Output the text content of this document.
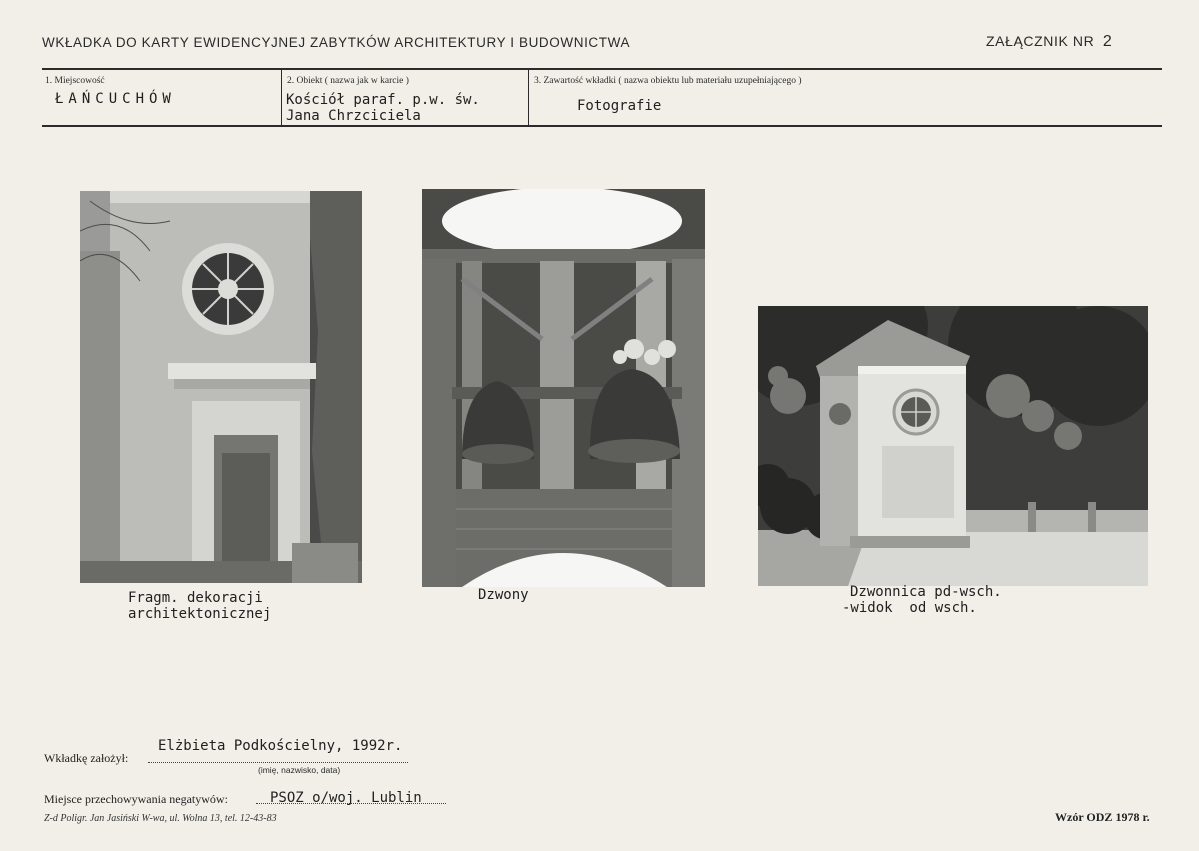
WKŁADKA DO KARTY EWIDENCYJNEJ ZABYTKÓW ARCHITEKTURY I BUDOWNICTWA	ZAŁĄCZNIK NR 2
1. Miejscowość
ŁAŃCUCHÓW
2. Obiekt ( nazwa jak w karcie )
Kościół paraf. p.w. św.
Jana Chrzciciela
3. Zawartość wkładki ( nazwa obiektu lub materiału uzupełniającego )
Fotografie
Fragm. dekoracji
architektonicznej
Dzwony	Dzwonnica pd-wsch.
-widok  od wsch.
Wkładkę założył:
Elżbieta Podkościelny, 1992r.
(imię, nazwisko, data)
Miejsce przechowywania negatywów:	PSOZ o/woj. Lublin
Z-d Poligr. Jan Jasiński W-wa, ul. Wolna 13, tel. 12-43-83	Wzór ODZ 1978 r.
